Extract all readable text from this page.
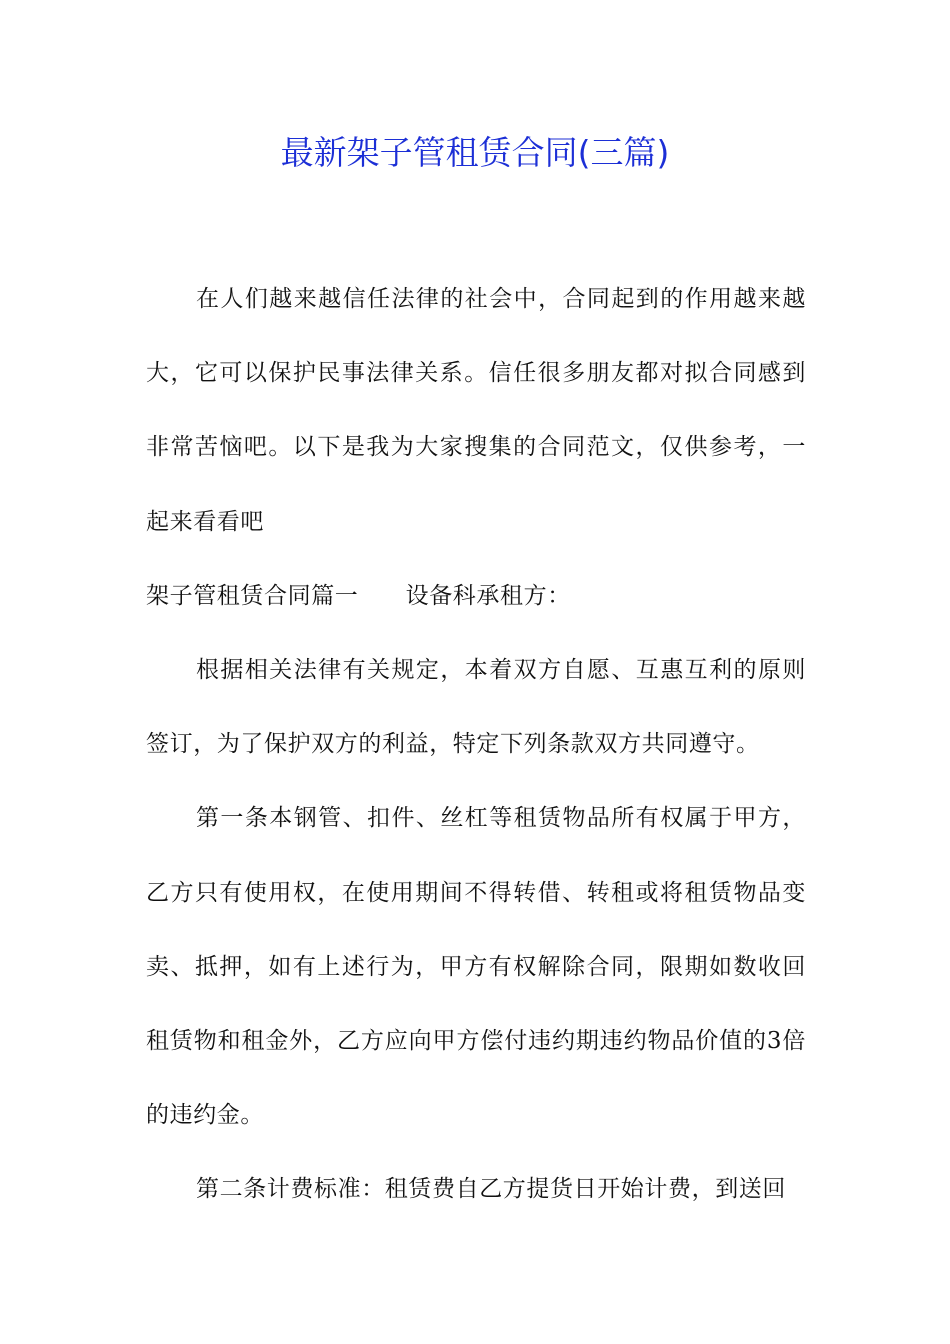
最新架子管租赁合同(三篇)

在人们越来越信任法律的社会中，合同起到的作用越来越大，它可以保护民事法律关系。信任很多朋友都对拟合同感到非常苦恼吧。以下是我为大家搜集的合同范文，仅供参考，一起来看看吧

架子管租赁合同篇一　　设备科承租方：

根据相关法律有关规定，本着双方自愿、互惠互利的原则签订，为了保护双方的利益，特定下列条款双方共同遵守。

第一条本钢管、扣件、丝杠等租赁物品所有权属于甲方，乙方只有使用权，在使用期间不得转借、转租或将租赁物品变卖、抵押，如有上述行为，甲方有权解除合同，限期如数收回租赁物和租金外，乙方应向甲方偿付违约期违约物品价值的3倍的违约金。

第二条计费标准：租赁费自乙方提货日开始计费，到送回
